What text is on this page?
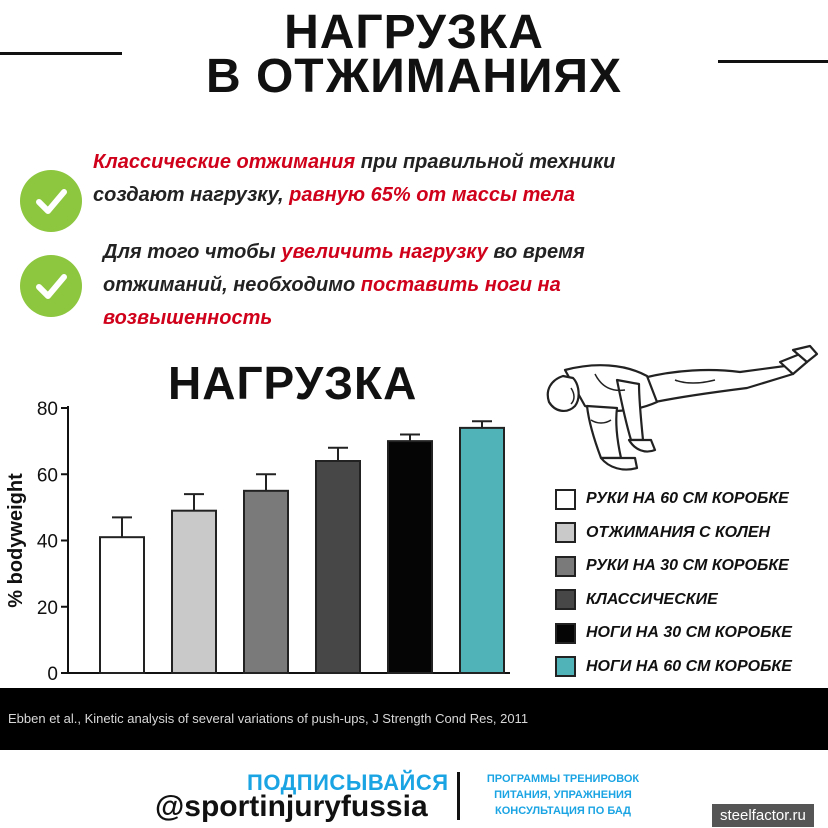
НАГРУЗКА
В ОТЖИМАНИЯХ
Классические отжимания при правильной техники создают нагрузку, равную 65% от массы тела
Для того чтобы увеличить нагрузку во время отжиманий, необходимо поставить ноги на возвышенность
НАГРУЗКА
% bodyweight
0
20
40
60
80
РУКИ НА 60 СМ КОРОБКЕ
ОТЖИМАНИЯ С КОЛЕН
РУКИ НА 30 СМ КОРОБКЕ
КЛАССИЧЕСКИЕ
НОГИ НА 30 СМ КОРОБКЕ
НОГИ НА 60 СМ КОРОБКЕ
Ebben et al., Kinetic analysis of several variations of push-ups, J Strength Cond Res, 2011
ПОДПИСЫВАЙСЯ
@sportinjuryfussia
ПРОГРАММЫ ТРЕНИРОВОК
ПИТАНИЯ, УПРАЖНЕНИЯ
КОНСУЛЬТАЦИЯ ПО БАД	steelfactor.ru
